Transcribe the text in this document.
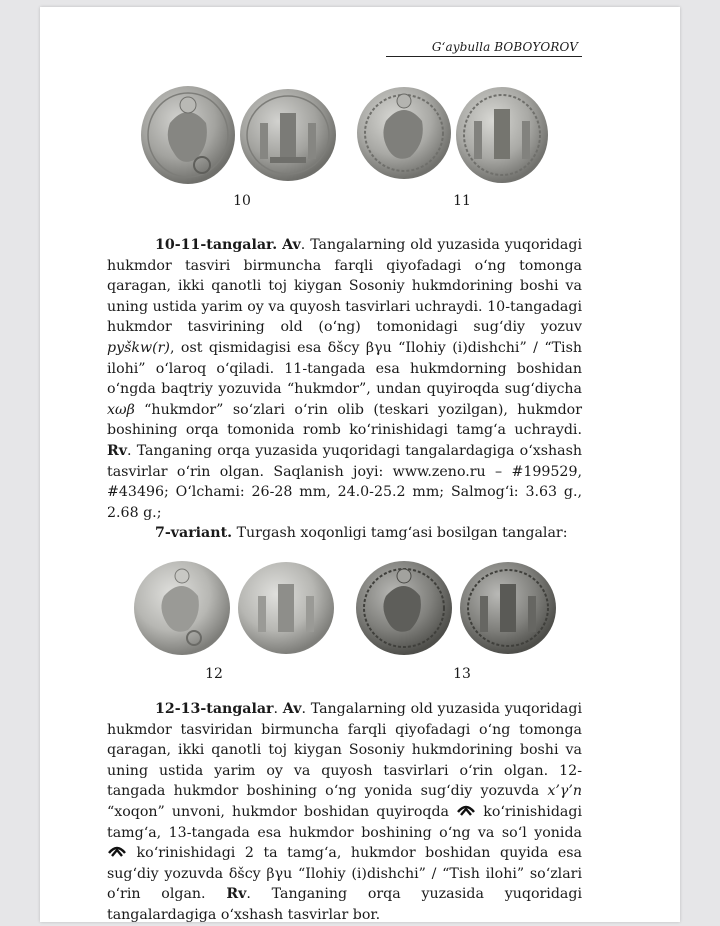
G‘aybulla BOBOYOROV
10	11

10-11-tangalar. Av. Tangalarning old yuzasida yuqoridagi hukmdor tasviri birmuncha farqli qiyofadagi o‘ng tomonga qaragan, ikki qanotli toj kiygan Sosoniy hukmdorining boshi va uning ustida yarim oy va quyosh tasvirlari uchraydi. 10-tangadagi hukmdor tasvirining old (o‘ng) tomonidagi sug‘diy yozuv pyškw(r), ost qismidagisi esa δšcy βγu “Ilohiy (i)dishchi” / “Tish ilohi” o‘laroq o‘qiladi. 11-tangada esa hukmdorning boshidan o‘ngda baqtriy yozuvida “hukmdor”, undan quyiroqda sug‘diycha xωβ “hukmdor” so‘zlari o‘rin olib (teskari yozilgan), hukmdor boshining orqa tomonida romb ko‘rinishidagi tamg‘a uchraydi. Rv. Tanganing orqa yuzasida yuqoridagi tangalardagiga o‘xshash tasvirlar o‘rin olgan. Saqlanish joyi: www.zeno.ru – #199529, #43496; O‘lchami: 26-28 mm, 24.0-25.2 mm; Salmog‘i: 3.63 g., 2.68 g.;

7-variant. Turgash xoqonligi tamg‘asi bosilgan tangalar:

12	13

12-13-tangalar. Av. Tangalarning old yuzasida yuqoridagi hukmdor tasviridan birmuncha farqli qiyofadagi o‘ng tomonga qaragan, ikki qanotli toj kiygan Sosoniy hukmdorining boshi va uning ustida yarim oy va quyosh tasvirlari o‘rin olgan. 12-tangada hukmdor boshining o‘ng yonida sug‘diy yozuvda x’γ’n “xoqon” unvoni, hukmdor boshidan quyiroqda  ko‘rinishidagi tamg‘a, 13-tangada esa hukmdor boshining o‘ng va so‘l yonida  ko‘rinishidagi 2 ta tamg‘a, hukmdor boshidan quyida esa sug‘diy yozuvda δšcy βγu “Ilohiy (i)dishchi” / “Tish ilohi” so‘zlari o‘rin olgan. Rv. Tanganing orqa yuzasida yuqoridagi tangalardagiga o‘xshash tasvirlar bor.
